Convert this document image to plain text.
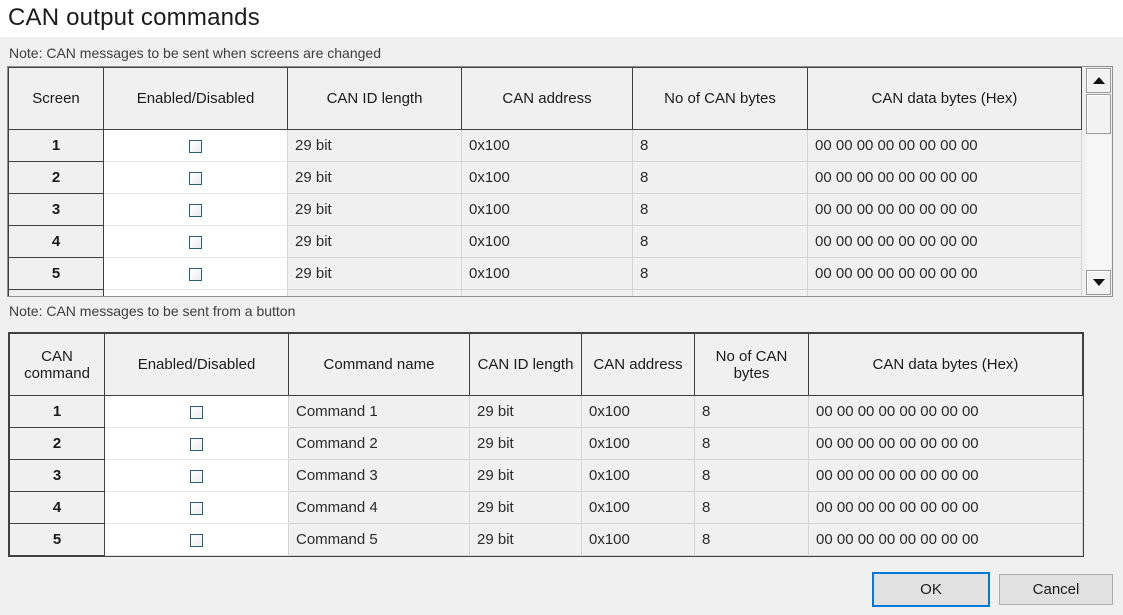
CAN output commands
Note: CAN messages to be sent when screens are changed
Screen	Enabled/Disabled	CAN ID length	CAN address	No of CAN bytes	CAN data bytes (Hex)
1		29 bit	0x100	8	00 00 00 00 00 00 00 00
2		29 bit	0x100	8	00 00 00 00 00 00 00 00
3		29 bit	0x100	8	00 00 00 00 00 00 00 00
4		29 bit	0x100	8	00 00 00 00 00 00 00 00
5		29 bit	0x100	8	00 00 00 00 00 00 00 00

Note: CAN messages to be sent from a button
CAN command	Enabled/Disabled	Command name	CAN ID length	CAN address	No of CAN bytes	CAN data bytes (Hex)
1		Command 1	29 bit	0x100	8	00 00 00 00 00 00 00 00
2		Command 2	29 bit	0x100	8	00 00 00 00 00 00 00 00
3		Command 3	29 bit	0x100	8	00 00 00 00 00 00 00 00
4		Command 4	29 bit	0x100	8	00 00 00 00 00 00 00 00
5		Command 5	29 bit	0x100	8	00 00 00 00 00 00 00 00
OK	Cancel
